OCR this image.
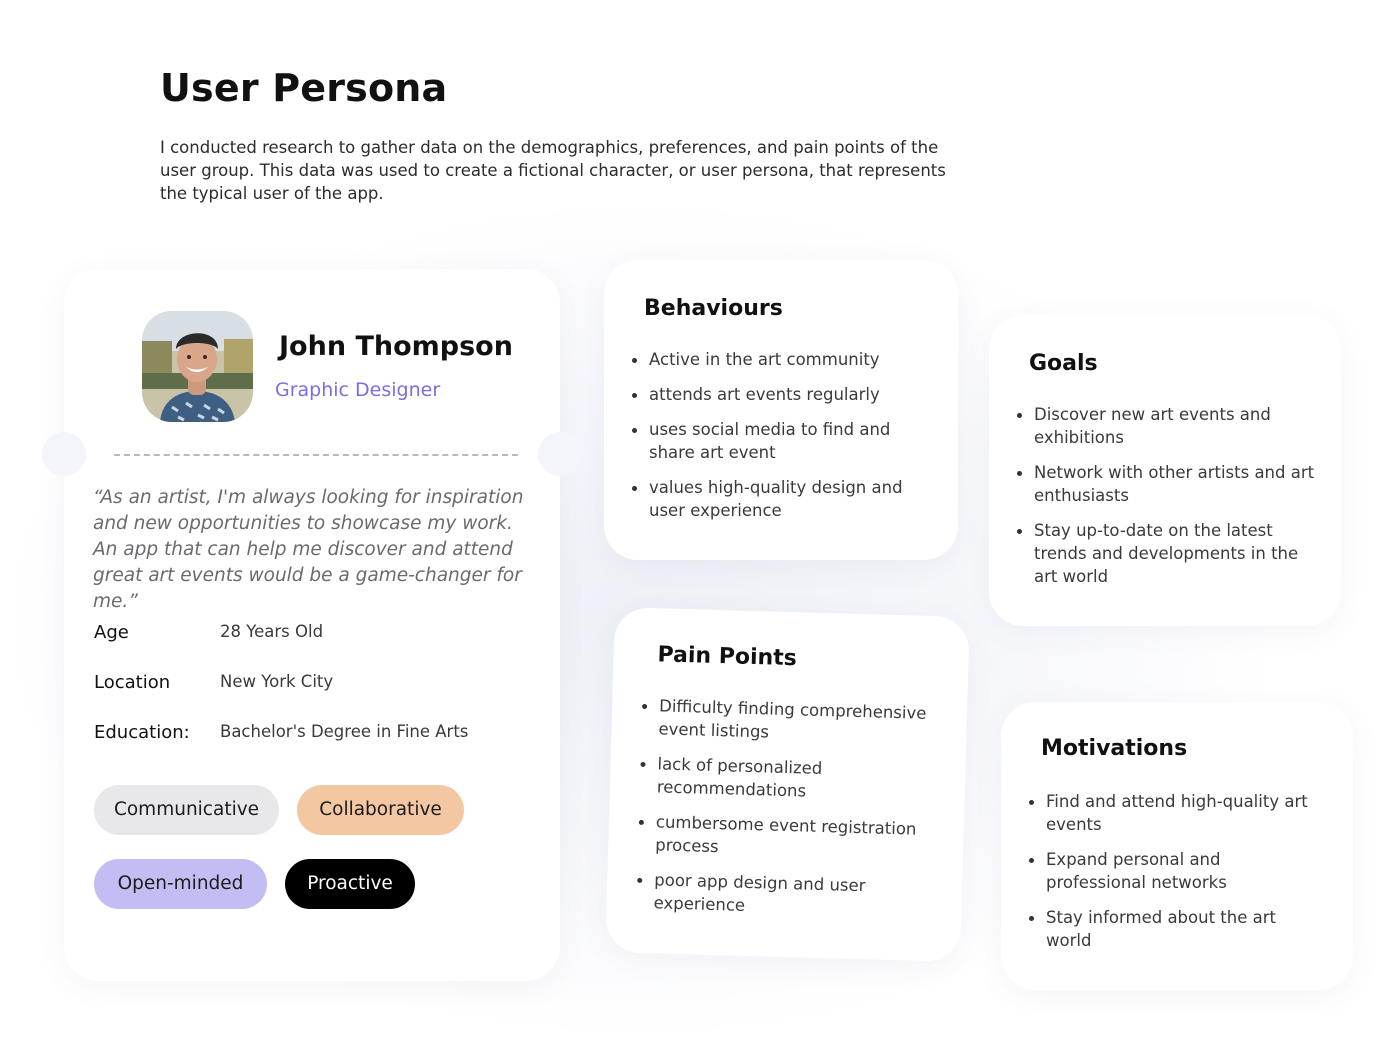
User Persona

I conducted research to gather data on the demographics, preferences, and pain points of the user group. This data was used to create a fictional character, or user persona, that represents the typical user of the app.

John Thompson
Graphic Designer

“As an artist, I'm always looking for inspiration and new opportunities to showcase my work. An app that can help me discover and attend great art events would be a game-changer for me.”

Age	28 Years Old
Location	New York City
Education: Bachelor's Degree in Fine Arts
Communicative	Collaborative
Open-minded	Proactive
Behaviours
Active in the art community
attends art events regularly
uses social media to find and share art event
values high-quality design and user experience
Goals
Discover new art events and exhibitions
Network with other artists and art enthusiasts
Stay up-to-date on the latest trends and developments in the art world
Pain Points
Difficulty finding comprehensive event listings
lack of personalized recommendations
cumbersome event registration process
poor app design and user experience
Motivations
Find and attend high-quality art events
Expand personal and professional networks
Stay informed about the art world
